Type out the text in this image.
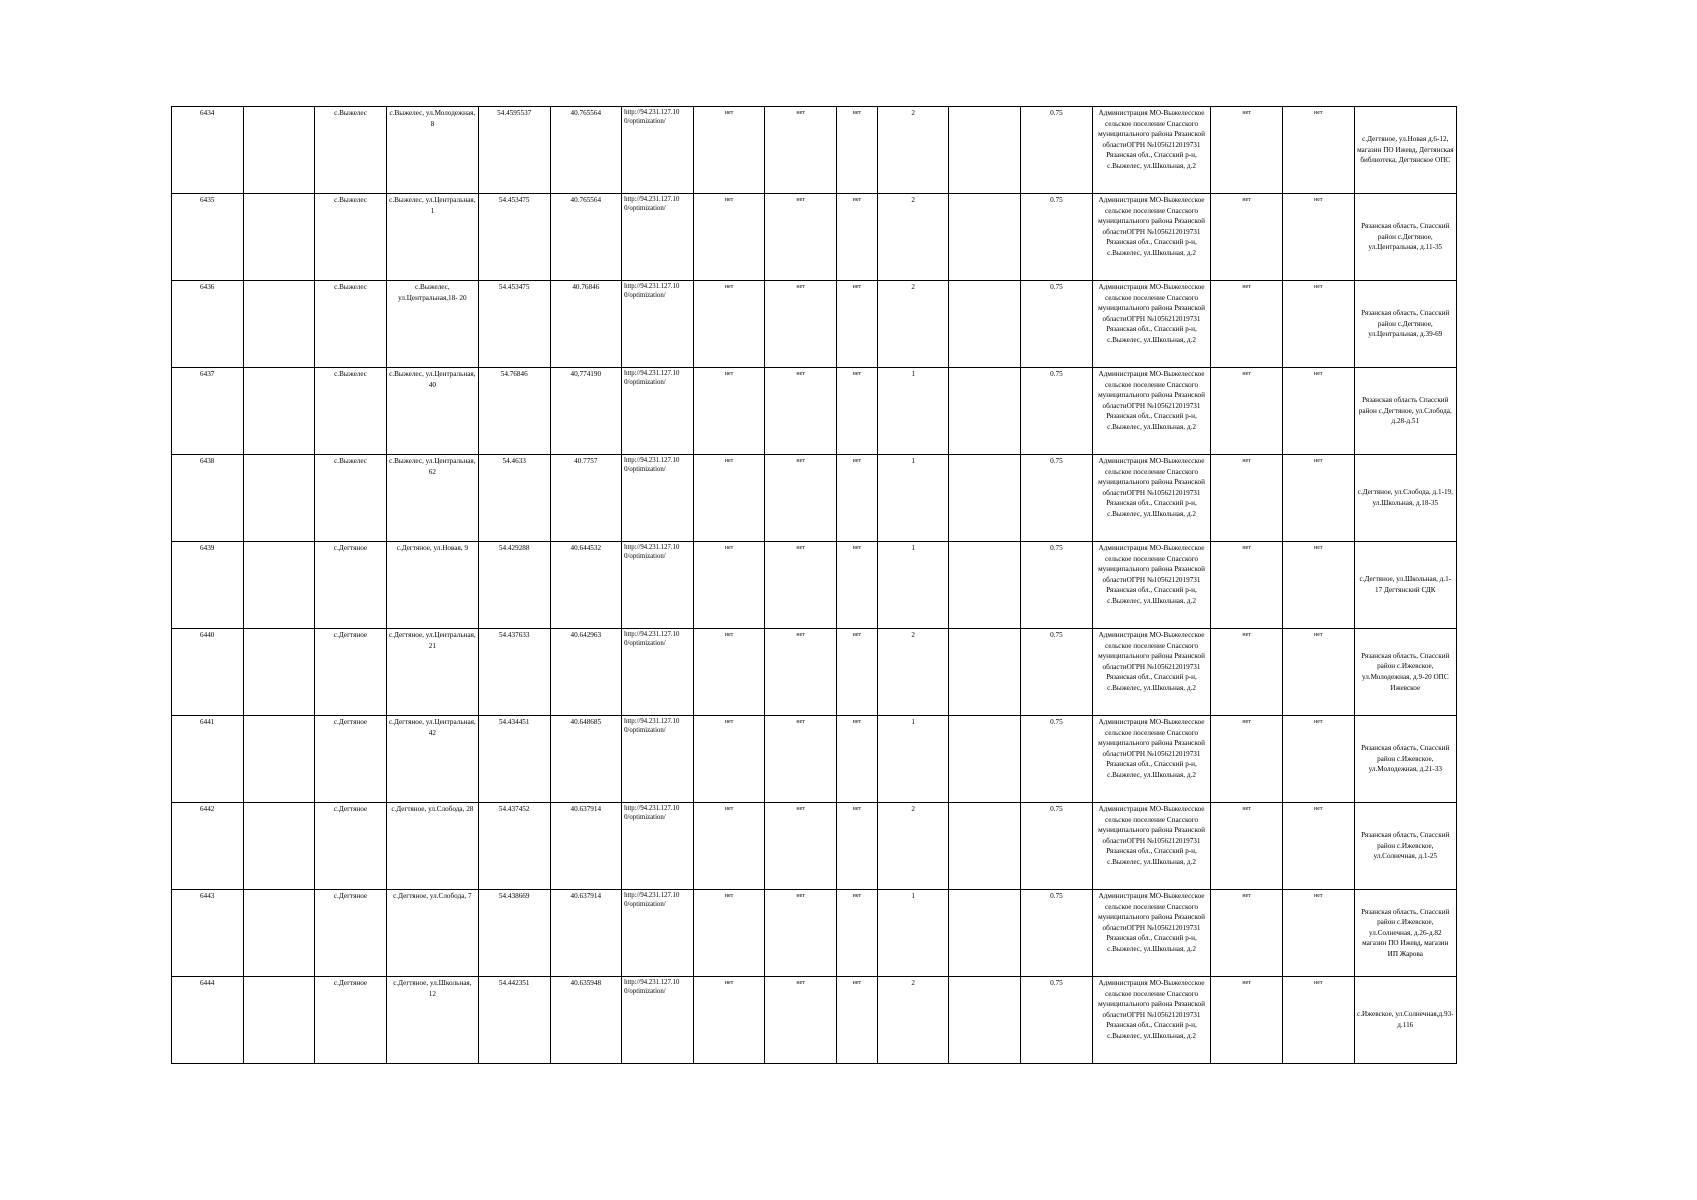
6434		с.Выжелес	с.Выжелес, ул.Молодежная, 8	54.4595537	40.765564	http://94.231.127.10 0/optimization/	нет	нет	нет	2		0.75	Администрация МО-Выжелесское сельское поселение Спасского муниципального района Рязанской областиОГРН №1056212019731 Рязанская обл., Спасский р-н, с.Выжелес, ул.Школьная, д.2	нет	нет	с.Дегтяное, ул.Новая д.6-12, магазин ПО Ижевд, Дегтянская библиотека, Дегтянское ОПС
6435		с.Выжелес	с.Выжелес, ул.Центральная, 1	54.453475	40.765564	http://94.231.127.10 0/optimization/	нет	нет	нет	2		0.75	Администрация МО-Выжелесское сельское поселение Спасского муниципального района Рязанской областиОГРН №1056212019731 Рязанская обл., Спасский р-н, с.Выжелес, ул.Школьная, д.2	нет	нет	Рязанская область, Спасский район с.Дегтяное, ул.Центральная, д.11-35
6436		с.Выжелес	с.Выжелес, ул.Центральная,18- 20	54.453475	40.76846	http://94.231.127.10 0/optimization/	нет	нет	нет	2		0.75	Администрация МО-Выжелесское сельское поселение Спасского муниципального района Рязанской областиОГРН №1056212019731 Рязанская обл., Спасский р-н, с.Выжелес, ул.Школьная, д.2	нет	нет	Рязанская область, Спасский район с.Дегтяное, ул.Центральная, д.39-69
6437		с.Выжелес	с.Выжелес, ул.Центральная, 40	54.76846	40,774190	http://94.231.127.10 0/optimization/	нет	нет	нет	1		0.75	Администрация МО-Выжелесское сельское поселение Спасского муниципального района Рязанской областиОГРН №1056212019731 Рязанская обл., Спасский р-н, с.Выжелес, ул.Школьная, д.2	нет	нет	Рязанская область Спасский район с.Дегтяное, ул.Слобода, д.28-д.51
6438		с.Выжелес	с.Выжелес, ул.Центральная, 62	54.4633	40.7757	http://94.231.127.10 0/optimization/	нет	нет	нет	1		0.75	Администрация МО-Выжелесское сельское поселение Спасского муниципального района Рязанской областиОГРН №1056212019731 Рязанская обл., Спасский р-н, с.Выжелес, ул.Школьная, д.2	нет	нет	с.Дегтяное, ул.Слобода, д.1-19, ул.Школьная, д.18-35
6439		с.Дегтяное	с.Дегтяное, ул.Новая, 9	54.429288	40.644532	http://94.231.127.10 0/optimization/	нет	нет	нет	1		0.75	Администрация МО-Выжелесское сельское поселение Спасского муниципального района Рязанской областиОГРН №1056212019731 Рязанская обл., Спасский р-н, с.Выжелес, ул.Школьная, д.2	нет	нет	с.Дегтяное, ул.Школьная, д.1-17 Дегтянский СДК
6440		с.Дегтяное	с.Дегтяное, ул.Центральная, 21	54.437633	40.642963	http://94.231.127.10 0/optimization/	нет	нет	нет	2		0.75	Администрация МО-Выжелесское сельское поселение Спасского муниципального района Рязанской областиОГРН №1056212019731 Рязанская обл., Спасский р-н, с.Выжелес, ул.Школьная, д.2	нет	нет	Рязанская область, Спасский район с.Ижевское, ул.Молодежная, д.9-20 ОПС Ижевское
6441		с.Дегтяное	с.Дегтяное, ул.Центральная, 42	54.434451	40.648685	http://94.231.127.10 0/optimization/	нет	нет	нет	1		0.75	Администрация МО-Выжелесское сельское поселение Спасского муниципального района Рязанской областиОГРН №1056212019731 Рязанская обл., Спасский р-н, с.Выжелес, ул.Школьная, д.2	нет	нет	Рязанская область, Спасский район с.Ижевское, ул.Молодежная, д.21-33
6442		с.Дегтяное	с.Дегтяное, ул.Слобода, 28	54.437452	40.637914	http://94.231.127.10 0/optimization/	нет	нет	нет	2		0.75	Администрация МО-Выжелесское сельское поселение Спасского муниципального района Рязанской областиОГРН №1056212019731 Рязанская обл., Спасский р-н, с.Выжелес, ул.Школьная, д.2	нет	нет	Рязанская область, Спасский район с.Ижевское, ул.Солнечная, д.1-25
6443		с.Дегтяное	с.Дегтяное, ул.Слобода, 7	54.438669	40.637914	http://94.231.127.10 0/optimization/	нет	нет	нет	1		0.75	Администрация МО-Выжелесское сельское поселение Спасского муниципального района Рязанской областиОГРН №1056212019731 Рязанская обл., Спасский р-н, с.Выжелес, ул.Школьная, д.2	нет	нет	Рязанская область, Спасский район с.Ижевское, ул.Солнечная, д.26-д.82 магазин ПО Ижевд, магазин ИП Жарова
6444		с.Дегтяное	с.Дегтяное, ул.Школьная, 12	54.442351	40.635948	http://94.231.127.10 0/optimization/	нет	нет	нет	2		0.75	Администрация МО-Выжелесское сельское поселение Спасского муниципального района Рязанской областиОГРН №1056212019731 Рязанская обл., Спасский р-н, с.Выжелес, ул.Школьная, д.2	нет	нет	с.Ижевское, ул.Солнечная,д.93-д.116
